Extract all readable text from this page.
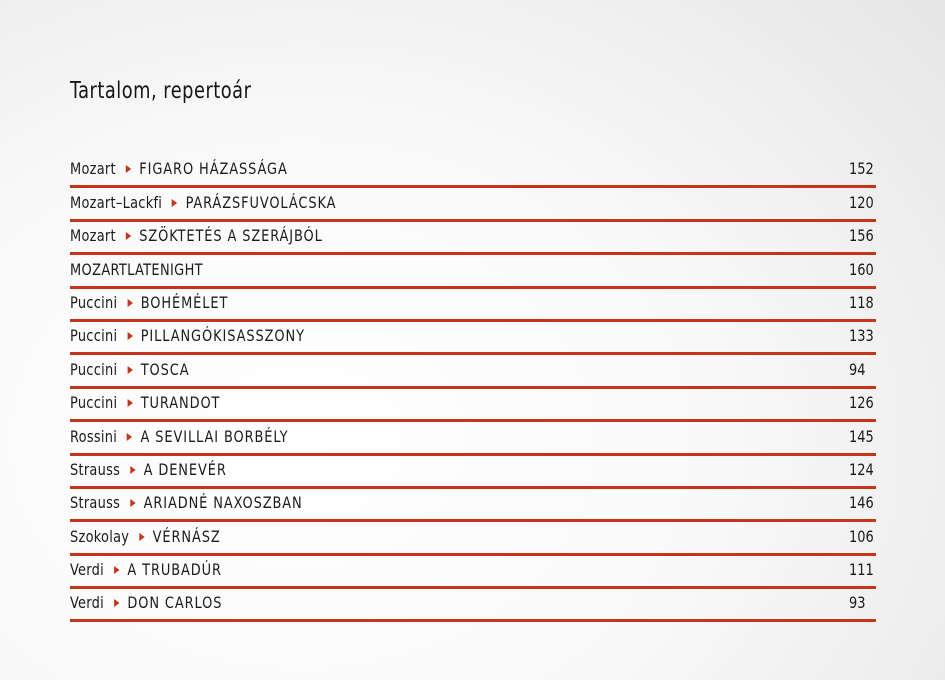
Tartalom, repertoár
Mozart FIGARO HÁZASSÁGA	152
Mozart–Lackfi PARÁZSFUVOLÁCSKA	120
Mozart SZÖKTETÉS A SZERÁJBÓL	156
MOZARTLATENIGHT	160
Puccini BOHÉMÉLET	118
Puccini PILLANGÓKISASSZONY	133
Puccini TOSCA	94
Puccini TURANDOT	126
Rossini A SEVILLAI BORBÉLY	145
Strauss A DENEVÉR	124
Strauss ARIADNÉ NAXOSZBAN	146
Szokolay VÉRNÁSZ	106
Verdi A TRUBADÚR	111
Verdi DON CARLOS	93
